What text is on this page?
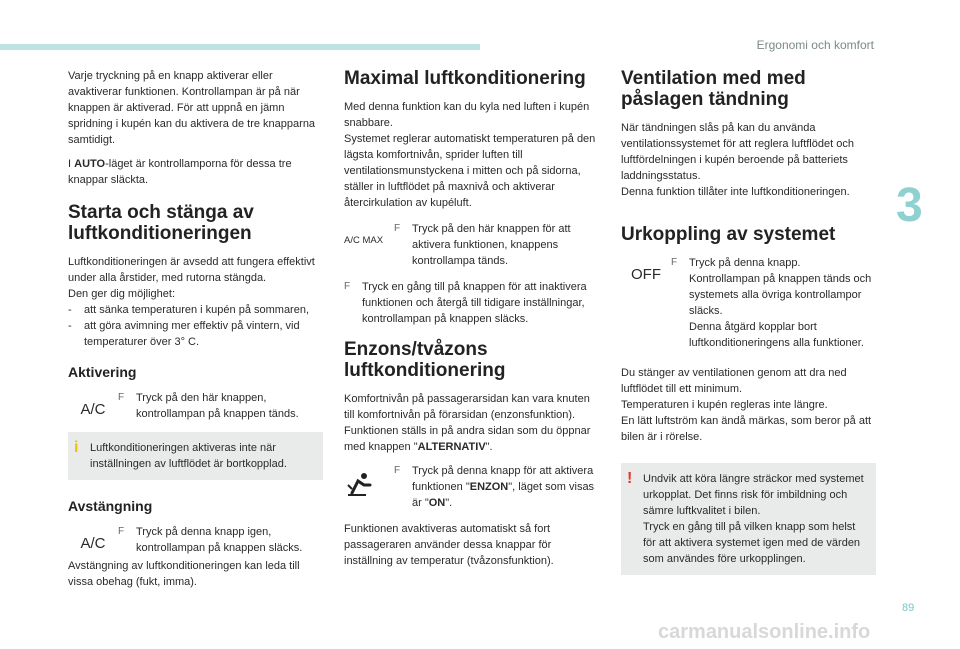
Ergonomi och komfort
3
89
carmanualsonline.info

Varje tryckning på en knapp aktiverar eller avaktiverar funktionen. Kontrollampan är på när knappen är aktiverad. För att uppnå en jämn spridning i kupén kan du aktivera de tre knapparna samtidigt.

I AUTO-läget är kontrollamporna för dessa tre knappar släckta.

Starta och stänga av luftkonditioneringen

Luftkonditioneringen är avsedd att fungera effektivt under alla årstider, med rutorna stängda.
Den ger dig möjlighet:

-	att sänka temperaturen i kupén på sommaren,
-	att göra avimning mer effektiv på vintern, vid temperaturer över 3° C.
Aktivering
A/C
F	Tryck på den här knappen, kontrollampan på knappen tänds.
i Luftkonditioneringen aktiveras inte när inställningen av luftflödet är bortkopplad.
Avstängning
A/C
F	Tryck på denna knapp igen, kontrollampan på knappen släcks.

Avstängning av luftkonditioneringen kan leda till vissa obehag (fukt, imma).

Maximal luftkonditionering

Med denna funktion kan du kyla ned luften i kupén snabbare.
Systemet reglerar automatiskt temperaturen på den lägsta komfortnivån, sprider luften till ventilationsmunstyckena i mitten och på sidorna, ställer in luftflödet på maxnivå och aktiverar återcirkulation av kupéluft.

A/C MAX
F	Tryck på den här knappen för att aktivera funktionen, knappens kontrollampa tänds.
F	Tryck en gång till på knappen för att inaktivera funktionen och återgå till tidigare inställningar, kontrollampan på knappen släcks.
Enzons/tvåzons luftkonditionering

Komfortnivån på passagerarsidan kan vara knuten till komfortnivån på förarsidan (enzonsfunktion).
Funktionen ställs in på andra sidan som du öppnar med knappen "ALTERNATIV".

F	Tryck på denna knapp för att aktivera funktionen "ENZON", läget som visas är "ON".

Funktionen avaktiveras automatiskt så fort passageraren använder dessa knappar för inställning av temperatur (tvåzonsfunktion).

Ventilation med med påslagen tändning

När tändningen slås på kan du använda ventilationssystemet för att reglera luftflödet och luftfördelningen i kupén beroende på batteriets laddningsstatus.
Denna funktion tillåter inte luftkonditioneringen.

Urkoppling av systemet
OFF
F	Tryck på denna knapp.
Kontrollampan på knappen tänds och systemets alla övriga kontrollampor släcks.
Denna åtgärd kopplar bort luftkonditioneringens alla funktioner.

Du stänger av ventilationen genom att dra ned luftflödet till ett minimum.
Temperaturen i kupén regleras inte längre.
En lätt luftström kan ändå märkas, som beror på att bilen är i rörelse.

! Undvik att köra längre sträckor med systemet urkopplat. Det finns risk för imbildning och sämre luftkvalitet i bilen.
Tryck en gång till på vilken knapp som helst för att aktivera systemet igen med de värden som användes före urkopplingen.
